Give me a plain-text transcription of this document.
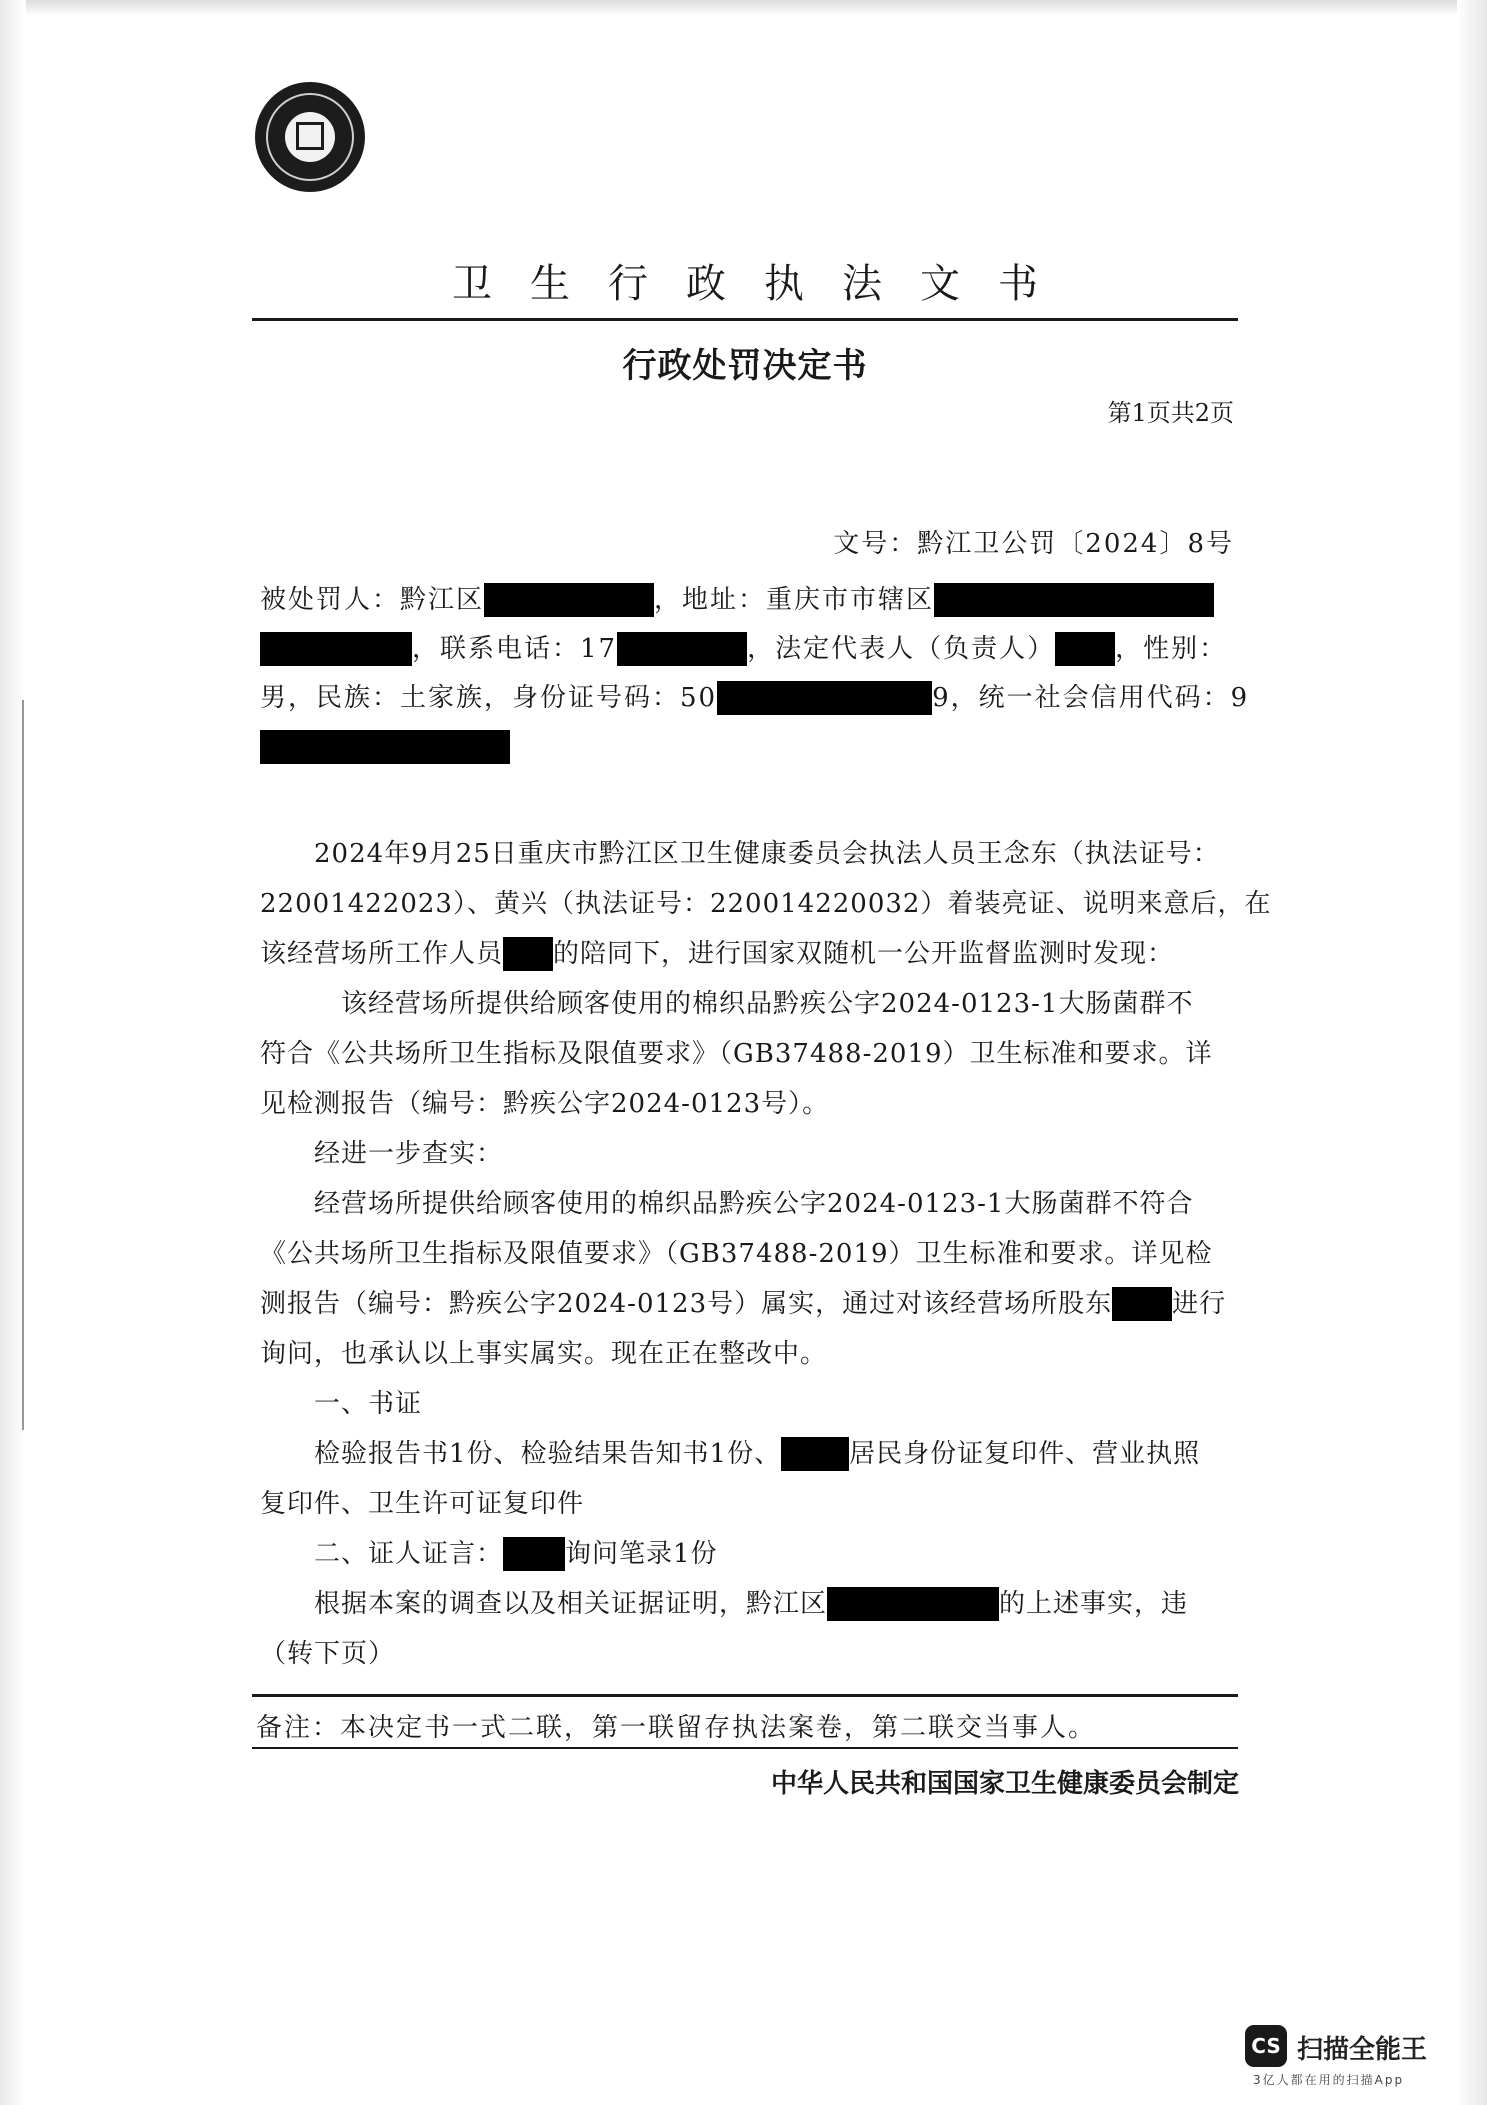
卫生行政执法文书
行政处罚决定书
第1页共2页
文号：黔江卫公罚〔2024〕8号
被处罚人：黔江区	，地址：重庆市市辖区
，联系电话：17	，法定代表人（负责人） ，性别：
男，民族：土家族，身份证号码：50	9，统一社会信用代码：9
　　2024年9月25日重庆市黔江区卫生健康委员会执法人员王念东（执法证号：
22001422023）、黄兴（执法证号：220014220032）着装亮证、说明来意后，在
该经营场所工作人员 的陪同下，进行国家双随机一公开监督监测时发现：
　　　该经营场所提供给顾客使用的棉织品黔疾公字2024-0123-1大肠菌群不
符合《公共场所卫生指标及限值要求》（GB37488-2019）卫生标准和要求。详
见检测报告（编号：黔疾公字2024-0123号）。
　　经进一步查实：
　　经营场所提供给顾客使用的棉织品黔疾公字2024-0123-1大肠菌群不符合
《公共场所卫生指标及限值要求》（GB37488-2019）卫生标准和要求。详见检
测报告（编号：黔疾公字2024-0123号）属实，通过对该经营场所股东 进行
询问，也承认以上事实属实。现在正在整改中。
　　一、书证
　　检验报告书1份、检验结果告知书1份、	居民身份证复印件、营业执照
复印件、卫生许可证复印件
　　二、证人证言： 询问笔录1份
　　根据本案的调查以及相关证据证明，黔江区	的上述事实，违
（转下页）
备注：本决定书一式二联，第一联留存执法案卷，第二联交当事人。
中华人民共和国国家卫生健康委员会制定
CS 扫描全能王
3亿人都在用的扫描App
